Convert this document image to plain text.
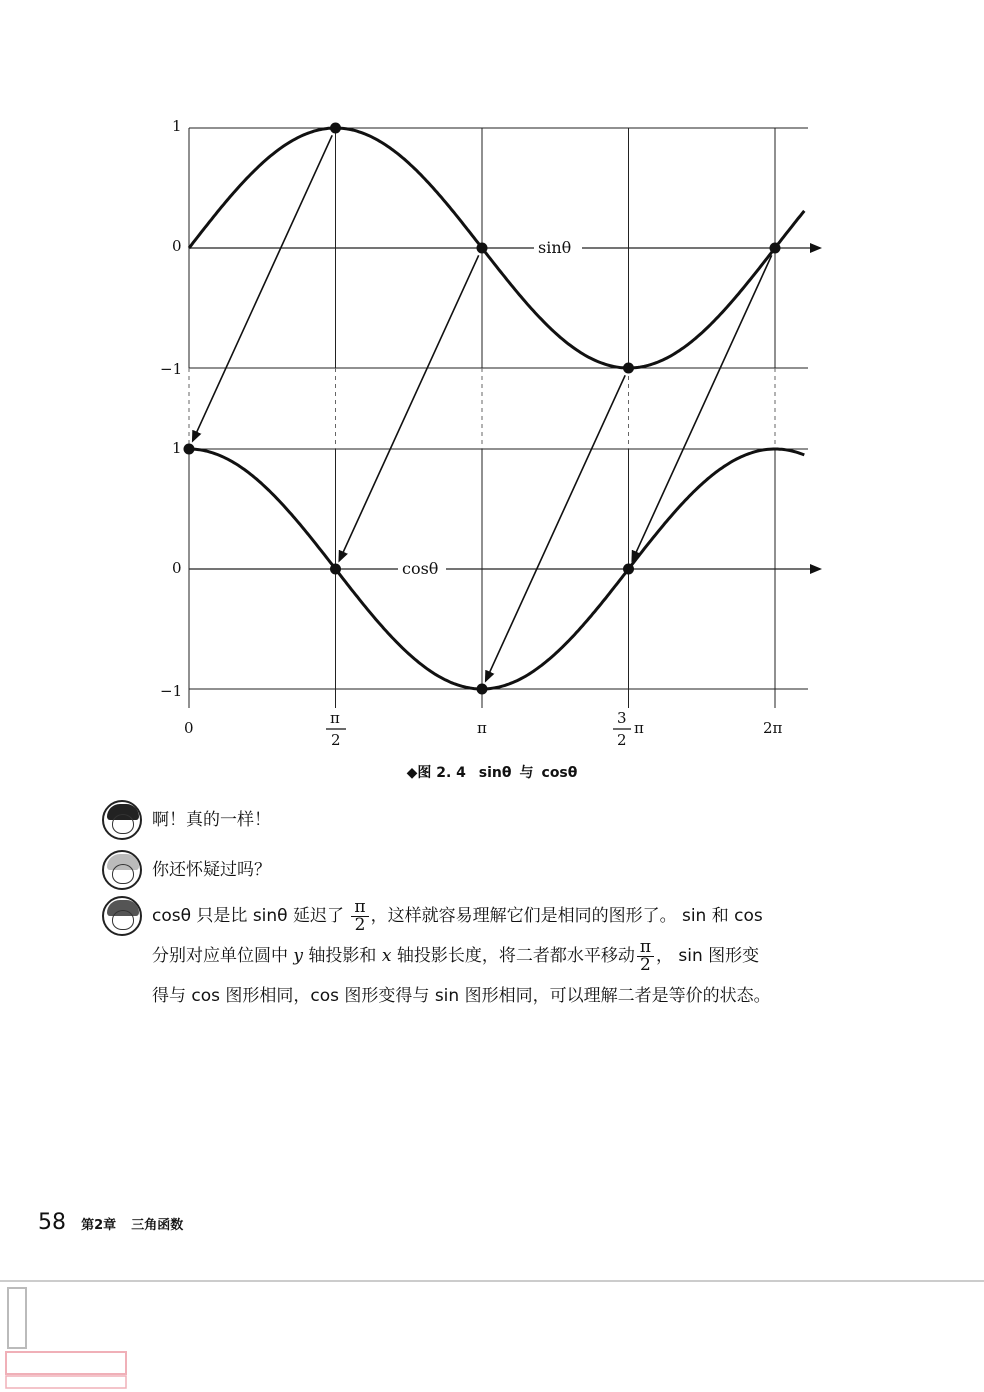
1
0
−1
1
0
−1
sinθ
cosθ
0
π
2
π
3
2
π	2π
◆图 2. 4 sinθ 与 cosθ
啊！真的一样！
你还怀疑过吗？
cosθ 只是比 sinθ 延迟了 $\frac{\pi}{2}$ ，这样就容易理解它们是相同的图形了。 sin 和 cos
分别对应单位圆中 y 轴投影和 x 轴投影长度，将二者都水平移动 $\frac{\pi}{2}$ ， sin 图形变
得与 cos 图形相同，cos 图形变得与 sin 图形相同，可以理解二者是等价的状态。
58 第2章 三角函数
